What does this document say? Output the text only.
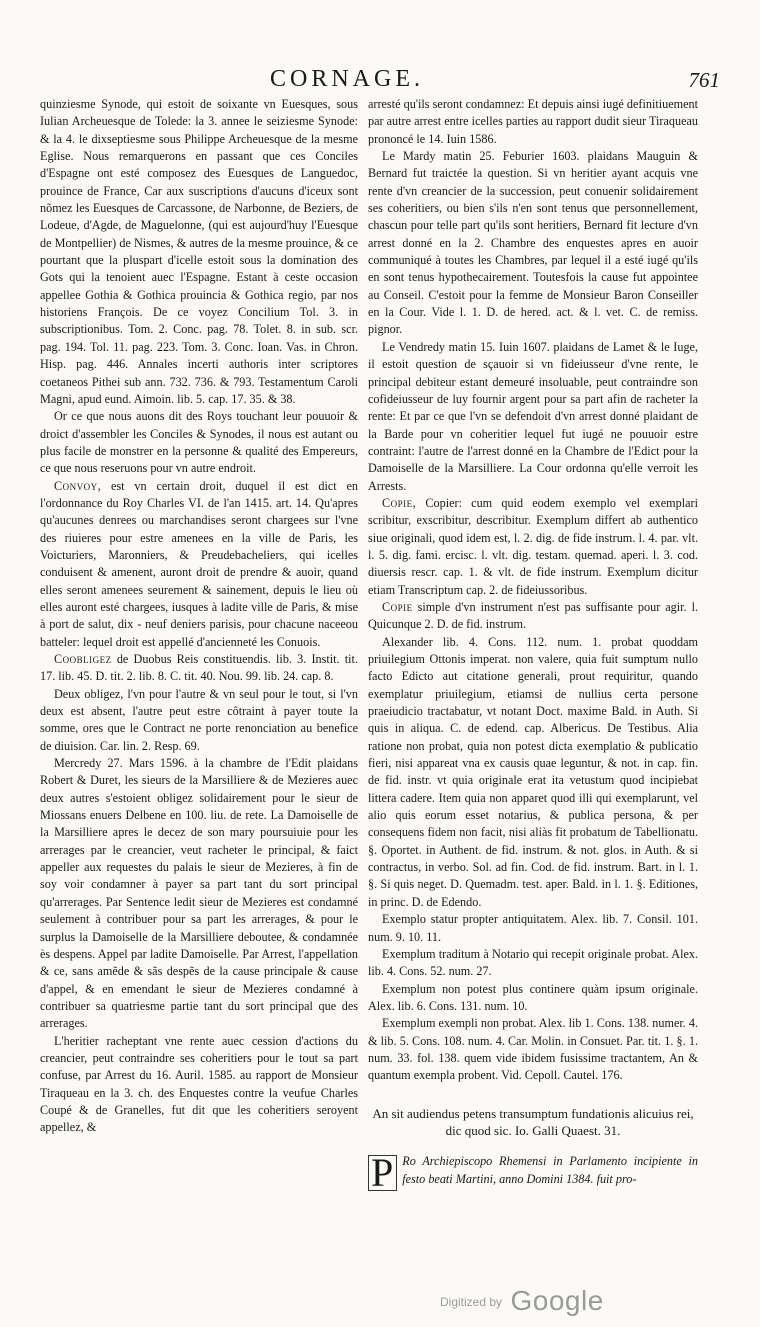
CORNAGE.	761

quinziesme Synode, qui estoit de soixante vn Euesques, sous Iulian Archeuesque de Tolede: la 3. annee le seiziesme Synode: & la 4. le dixseptiesme sous Philippe Archeuesque de la mesme Eglise. Nous remarquerons en passant que ces Conciles d'Espagne ont esté composez des Euesques de Languedoc, prouince de France, Car aux suscriptions d'aucuns d'iceux sont nõmez les Euesques de Carcassone, de Narbonne, de Beziers, de Lodeue, d'Agde, de Maguelonne, (qui est aujourd'huy l'Euesque de Montpellier) de Nismes, & autres de la mesme prouince, & ce pourtant que la pluspart d'icelle estoit sous la domination des Gots qui la tenoient auec l'Espagne. Estant à ceste occasion appellee Gothia & Gothica prouincia & Gothica regio, par nos historiens François. De ce voyez Concilium Tol. 3. in subscriptionibus. Tom. 2. Conc. pag. 78. Tolet. 8. in sub. scr. pag. 194. Tol. 11. pag. 223. Tom. 3. Conc. Ioan. Vas. in Chron. Hisp. pag. 446. Annales incerti authoris inter scriptores coetaneos Pithei sub ann. 732. 736. & 793. Testamentum Caroli Magni, apud eund. Aimoin. lib. 5. cap. 17. 35. & 38.

Or ce que nous auons dit des Roys touchant leur pouuoir & droict d'assembler les Conciles & Synodes, il nous est autant ou plus facile de monstrer en la personne & qualité des Empereurs, ce que nous reseruons pour vn autre endroit.

Convoy, est vn certain droit, duquel il est dict en l'ordonnance du Roy Charles VI. de l'an 1415. art. 14. Qu'apres qu'aucunes denrees ou marchandises seront chargees sur l'vne des riuieres pour estre amenees en la ville de Paris, les Voicturiers, Maronniers, & Preudebacheliers, qui icelles conduisent & amenent, auront droit de prendre & auoir, quand elles seront amenees seurement & sainement, depuis le lieu où elles auront esté chargees, iusques à ladite ville de Paris, & mise à port de salut, dix - neuf deniers parisis, pour chacune naceeou batteler: lequel droit est appellé d'ancienneté les Conuois.

Coobligez de Duobus Reis constituendis. lib. 3. Instit. tit. 17. lib. 45. D. tit. 2. lib. 8. C. tit. 40. Nou. 99. lib. 24. cap. 8.

Deux obligez, l'vn pour l'autre & vn seul pour le tout, si l'vn deux est absent, l'autre peut estre côtraint à payer toute la somme, ores que le Contract ne porte renonciation au benefice de diuision. Car. lin. 2. Resp. 69.

Mercredy 27. Mars 1596. à la chambre de l'Edit plaidans Robert & Duret, les sieurs de la Marsilliere & de Mezieres auec deux autres s'estoient obligez solidairement pour le sieur de Miossans enuers Delbene en 100. liu. de rete. La Damoiselle de la Marsilliere apres le decez de son mary poursuiuie pour les arrerages par le creancier, veut racheter le principal, & faict appeller aux requestes du palais le sieur de Mezieres, à fin de soy voir condamner à payer sa part tant du sort principal qu'arrerages. Par Sentence ledit sieur de Mezieres est condamné seulement à contribuer pour sa part les arrerages, & pour le surplus la Damoiselle de la Marsilliere deboutee, & condamnée ès despens. Appel par ladite Damoiselle. Par Arrest, l'appellation & ce, sans amẽde & sãs despẽs de la cause principale & cause d'appel, & en emendant le sieur de Mezieres condamné à contribuer sa quatriesme partie tant du sort principal que des arrerages.

L'heritier racheptant vne rente auec cession d'actions du creancier, peut contraindre ses coheritiers pour le tout sa part confuse, par Arrest du 16. Auril. 1585. au rapport de Monsieur Tiraqueau en la 3. ch. des Enquestes contre la veufue Charles Coupé & de Granelles, fut dit que les coheritiers seroyent appellez, &

arresté qu'ils seront condamnez: Et depuis ainsi iugé definitiuement par autre arrest entre icelles parties au rapport dudit sieur Tiraqueau prononcé le 14. Iuin 1586.

Le Mardy matin 25. Feburier 1603. plaidans Mauguin & Bernard fut traictée la question. Si vn heritier ayant acquis vne rente d'vn creancier de la succession, peut conuenir solidairement ses coheritiers, ou bien s'ils n'en sont tenus que personnellement, chascun pour telle part qu'ils sont heritiers, Bernard fit lecture d'vn arrest donné en la 2. Chambre des enquestes apres en auoir communiqué à toutes les Chambres, par lequel il a esté iugé qu'ils en sont tenus hypothecairement. Toutesfois la cause fut appointee au Conseil. C'estoit pour la femme de Monsieur Baron Conseiller en la Cour. Vide l. 1. D. de hered. act. & l. vet. C. de remiss. pignor.

Le Vendredy matin 15. Iuin 1607. plaidans de Lamet & le Iuge, il estoit question de sçauoir si vn fideiusseur d'vne rente, le principal debiteur estant demeuré insoluable, peut contraindre son cofideiusseur de luy fournir argent pour sa part afin de racheter la rente: Et par ce que l'vn se defendoit d'vn arrest donné plaidant de la Barde pour vn coheritier lequel fut iugé ne pouuoir estre contraint: l'autre de l'arrest donné en la Chambre de l'Edict pour la Damoiselle de la Marsilliere. La Cour ordonna qu'elle verroit les Arrests.

Copie, Copier: cum quid eodem exemplo vel exemplari scribitur, exscribitur, describitur. Exemplum differt ab authentico siue originali, quod idem est, l. 2. dig. de fide instrum. l. 4. par. vlt. l. 5. dig. fami. ercisc. l. vlt. dig. testam. quemad. aperi. l. 3. cod. diuersis rescr. cap. 1. & vlt. de fide instrum. Exemplum dicitur etiam Transcriptum cap. 2. de fideiussoribus.

Copie simple d'vn instrument n'est pas suffisante pour agir. l. Quicunque 2. D. de fid. instrum.

Alexander lib. 4. Cons. 112. num. 1. probat quoddam priuilegium Ottonis imperat. non valere, quia fuit sumptum nullo facto Edicto aut citatione generali, prout requiritur, quando exemplatur priuilegium, etiamsi de nullius certa persone praeiudicio tractabatur, vt notant Doct. maxime Bald. in Auth. Si quis in aliqua. C. de edend. cap. Albericus. De Testibus. Alia ratione non probat, quia non potest dicta exemplatio & publicatio fieri, nisi appareat vna ex causis quae leguntur, & not. in cap. fin. de fid. instr. vt quia originale erat ita vetustum quod incipiebat littera cadere. Item quia non apparet quod illi qui exemplarunt, vel alio quis eorum esset notarius, & publica persona, & per consequens fidem non facit, nisi aliàs fit probatum de Tabellionatu. §. Oportet. in Authent. de fid. instrum. & not. glos. in Auth. & si contractus, in verbo. Sol. ad fin. Cod. de fid. instrum. Bart. in l. 1. §. Si quis neget. D. Quemadm. test. aper. Bald. in l. 1. §. Editiones, in princ. D. de Edendo.

Exemplo statur propter antiquitatem. Alex. lib. 7. Consil. 101. num. 9. 10. 11.

Exemplum traditum à Notario qui recepit originale probat. Alex. lib. 4. Cons. 52. num. 27.

Exemplum non potest plus continere quàm ipsum originale. Alex. lib. 6. Cons. 131. num. 10.

Exemplum exempli non probat. Alex. lib 1. Cons. 138. numer. 4. & lib. 5. Cons. 108. num. 4. Car. Molin. in Consuet. Par. tit. 1. §. 1. num. 33. fol. 138. quem vide ibidem fusissime tractantem, An & quantum exempla probent. Vid. Cepoll. Cautel. 176.

An sit audiendus petens transumptum fundationis alicuius rei, dic quod sic. Io. Galli Quaest. 31.

P Ro Archiepiscopo Rhemensi in Parlamento incipiente in festo beati Martini, anno Domini 1384. fuit pro-

$^{Digitized by}$ Google
